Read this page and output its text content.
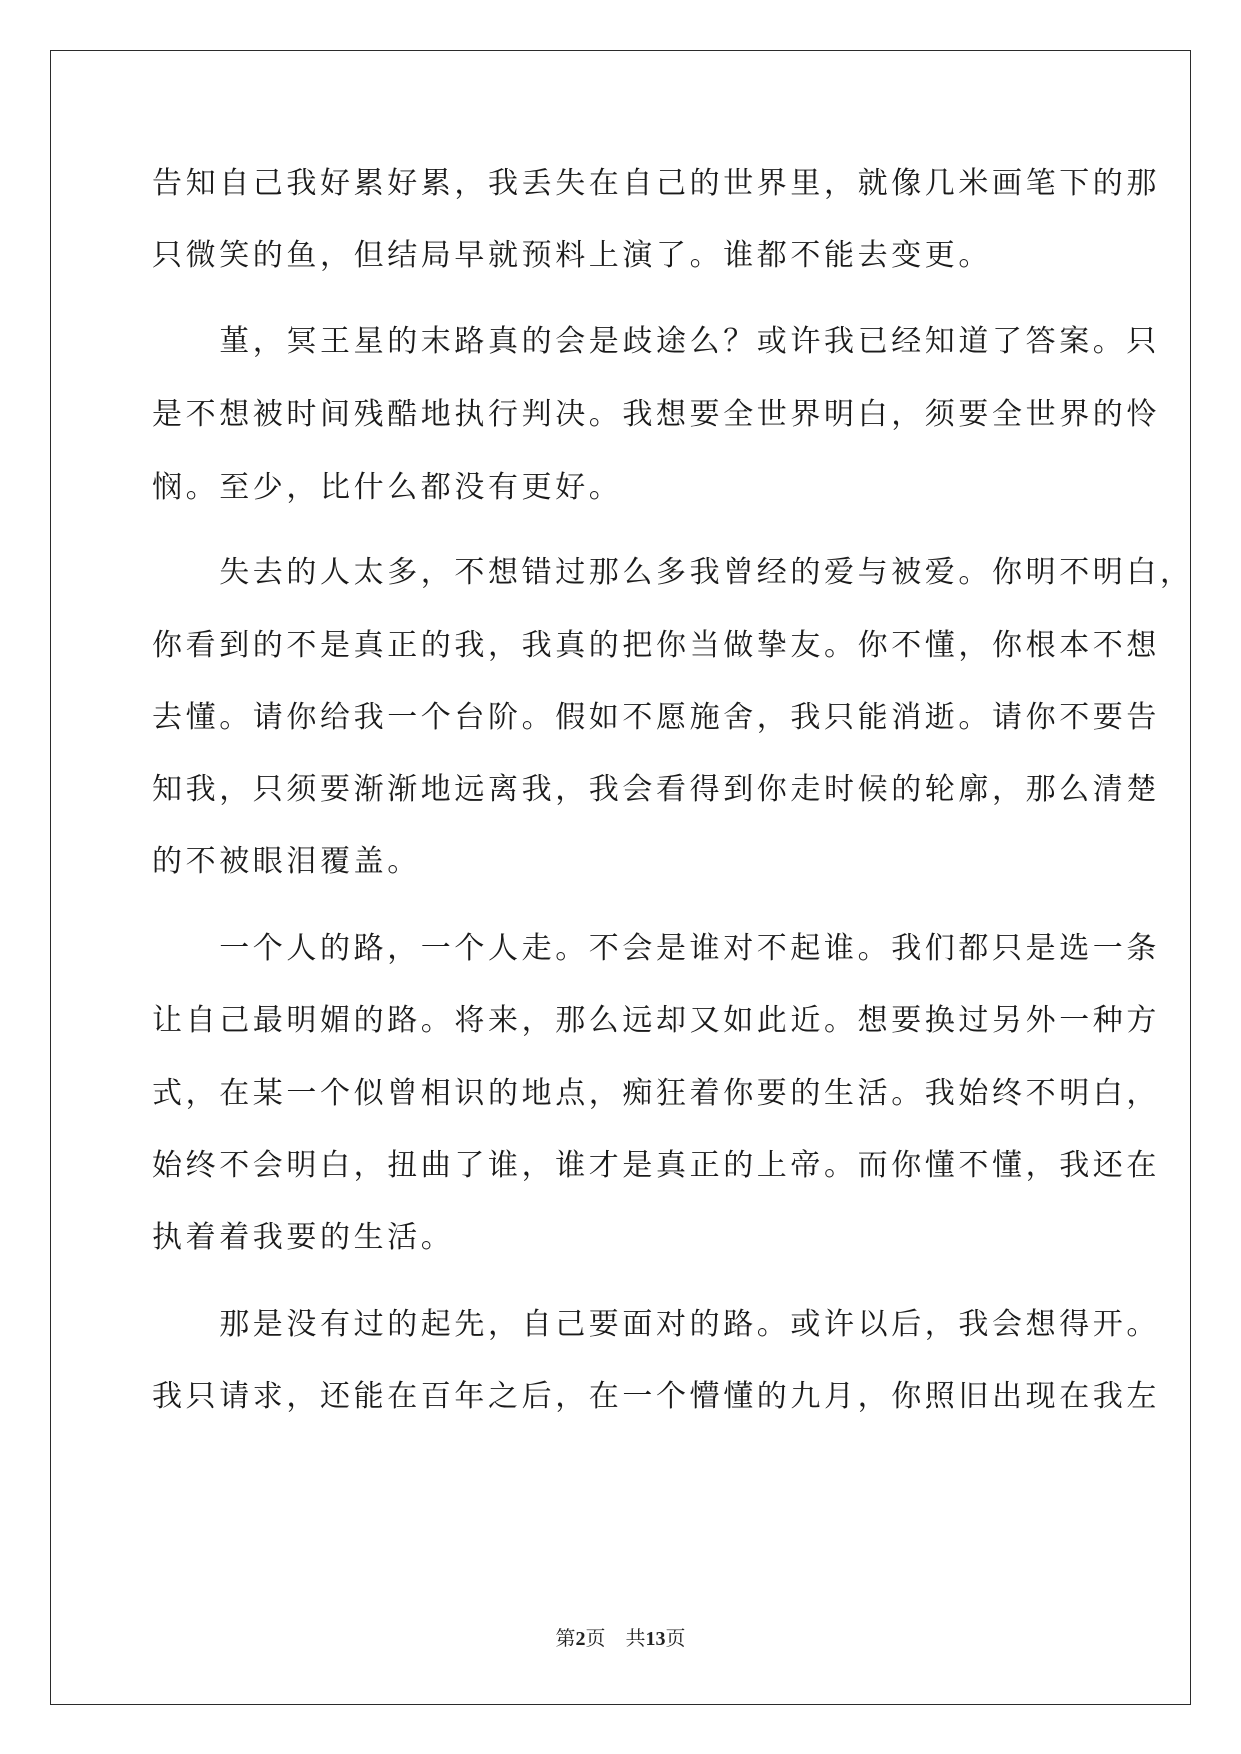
告知自己我好累好累，我丢失在自己的世界里，就像几米画笔下的那
只微笑的鱼，但结局早就预料上演了。谁都不能去变更。
　　堇，冥王星的末路真的会是歧途么？或许我已经知道了答案。只
是不想被时间残酷地执行判决。我想要全世界明白，须要全世界的怜
悯。至少，比什么都没有更好。
　　失去的人太多，不想错过那么多我曾经的爱与被爱。你明不明白，
你看到的不是真正的我，我真的把你当做挚友。你不懂，你根本不想
去懂。请你给我一个台阶。假如不愿施舍，我只能消逝。请你不要告
知我，只须要渐渐地远离我，我会看得到你走时候的轮廓，那么清楚
的不被眼泪覆盖。
　　一个人的路，一个人走。不会是谁对不起谁。我们都只是选一条
让自己最明媚的路。将来，那么远却又如此近。想要换过另外一种方
式，在某一个似曾相识的地点，痴狂着你要的生活。我始终不明白，
始终不会明白，扭曲了谁，谁才是真正的上帝。而你懂不懂，我还在
执着着我要的生活。
　　那是没有过的起先，自己要面对的路。或许以后，我会想得开。
我只请求，还能在百年之后，在一个懵懂的九月，你照旧出现在我左
第2页 共13页
